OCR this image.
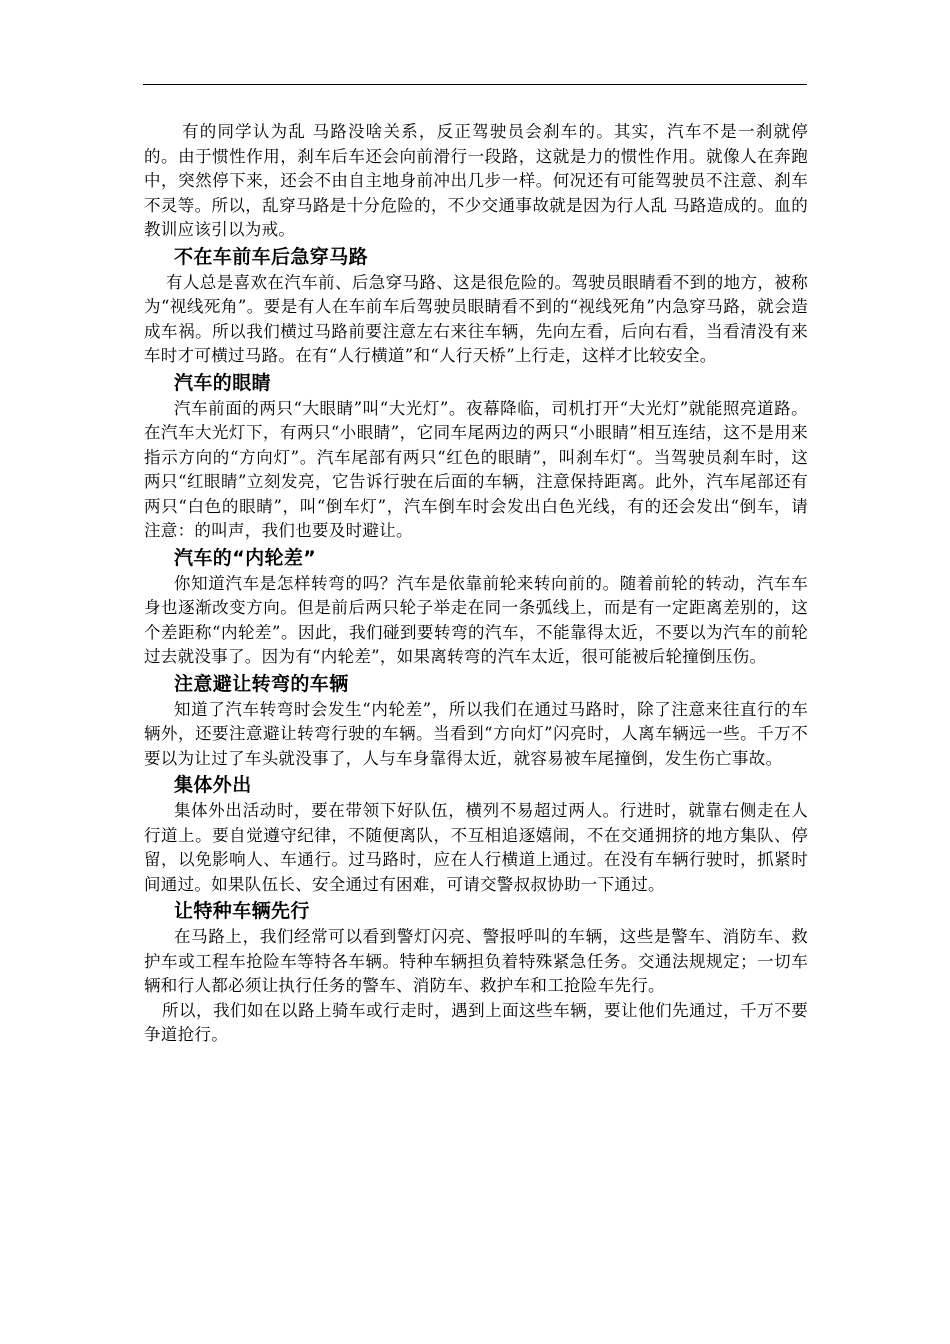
有的同学认为乱 马路没啥关系，反正驾驶员会刹车的。其实，汽车不是一刹就停的。由于惯性作用，刹车后车还会向前滑行一段路，这就是力的惯性作用。就像人在奔跑中，突然停下来，还会不由自主地身前冲出几步一样。何况还有可能驾驶员不注意、刹车不灵等。所以，乱穿马路是十分危险的，不少交通事故就是因为行人乱 马路造成的。血的教训应该引以为戒。

不在车前车后急穿马路

有人总是喜欢在汽车前、后急穿马路、这是很危险的。驾驶员眼睛看不到的地方，被称为“视线死角”。要是有人在车前车后驾驶员眼睛看不到的“视线死角”内急穿马路，就会造成车祸。所以我们横过马路前要注意左右来往车辆，先向左看，后向右看，当看清没有来车时才可横过马路。在有“人行横道”和“人行天桥”上行走，这样才比较安全。

汽车的眼睛

汽车前面的两只“大眼睛”叫“大光灯”。夜幕降临，司机打开“大光灯”就能照亮道路。在汽车大光灯下，有两只“小眼睛”，它同车尾两边的两只“小眼睛”相互连结，这不是用来指示方向的“方向灯”。汽车尾部有两只“红色的眼睛”，叫刹车灯“。当驾驶员刹车时，这两只“红眼睛”立刻发亮，它告诉行驶在后面的车辆，注意保持距离。此外，汽车尾部还有两只“白色的眼睛”，叫“倒车灯”，汽车倒车时会发出白色光线，有的还会发出“倒车，请注意：的叫声，我们也要及时避让。

汽车的“内轮差”

你知道汽车是怎样转弯的吗？汽车是依靠前轮来转向前的。随着前轮的转动，汽车车身也逐渐改变方向。但是前后两只轮子举走在同一条弧线上，而是有一定距离差别的，这个差距称“内轮差”。因此，我们碰到要转弯的汽车，不能靠得太近，不要以为汽车的前轮过去就没事了。因为有“内轮差”，如果离转弯的汽车太近，很可能被后轮撞倒压伤。

注意避让转弯的车辆

知道了汽车转弯时会发生“内轮差”，所以我们在通过马路时，除了注意来往直行的车辆外，还要注意避让转弯行驶的车辆。当看到“方向灯”闪亮时，人离车辆远一些。千万不要以为让过了车头就没事了，人与车身靠得太近，就容易被车尾撞倒，发生伤亡事故。

集体外出

集体外出活动时，要在带领下好队伍，横列不易超过两人。行进时，就靠右侧走在人行道上。要自觉遵守纪律，不随便离队，不互相追逐嬉闹，不在交通拥挤的地方集队、停留，以免影响人、车通行。过马路时，应在人行横道上通过。在没有车辆行驶时，抓紧时间通过。如果队伍长、安全通过有困难，可请交警叔叔协助一下通过。

让特种车辆先行

在马路上，我们经常可以看到警灯闪亮、警报呼叫的车辆，这些是警车、消防车、救护车或工程车抢险车等特各车辆。特种车辆担负着特殊紧急任务。交通法规规定；一切车辆和行人都必须让执行任务的警车、消防车、救护车和工抢险车先行。

所以，我们如在以路上骑车或行走时，遇到上面这些车辆，要让他们先通过，千万不要争道抢行。
